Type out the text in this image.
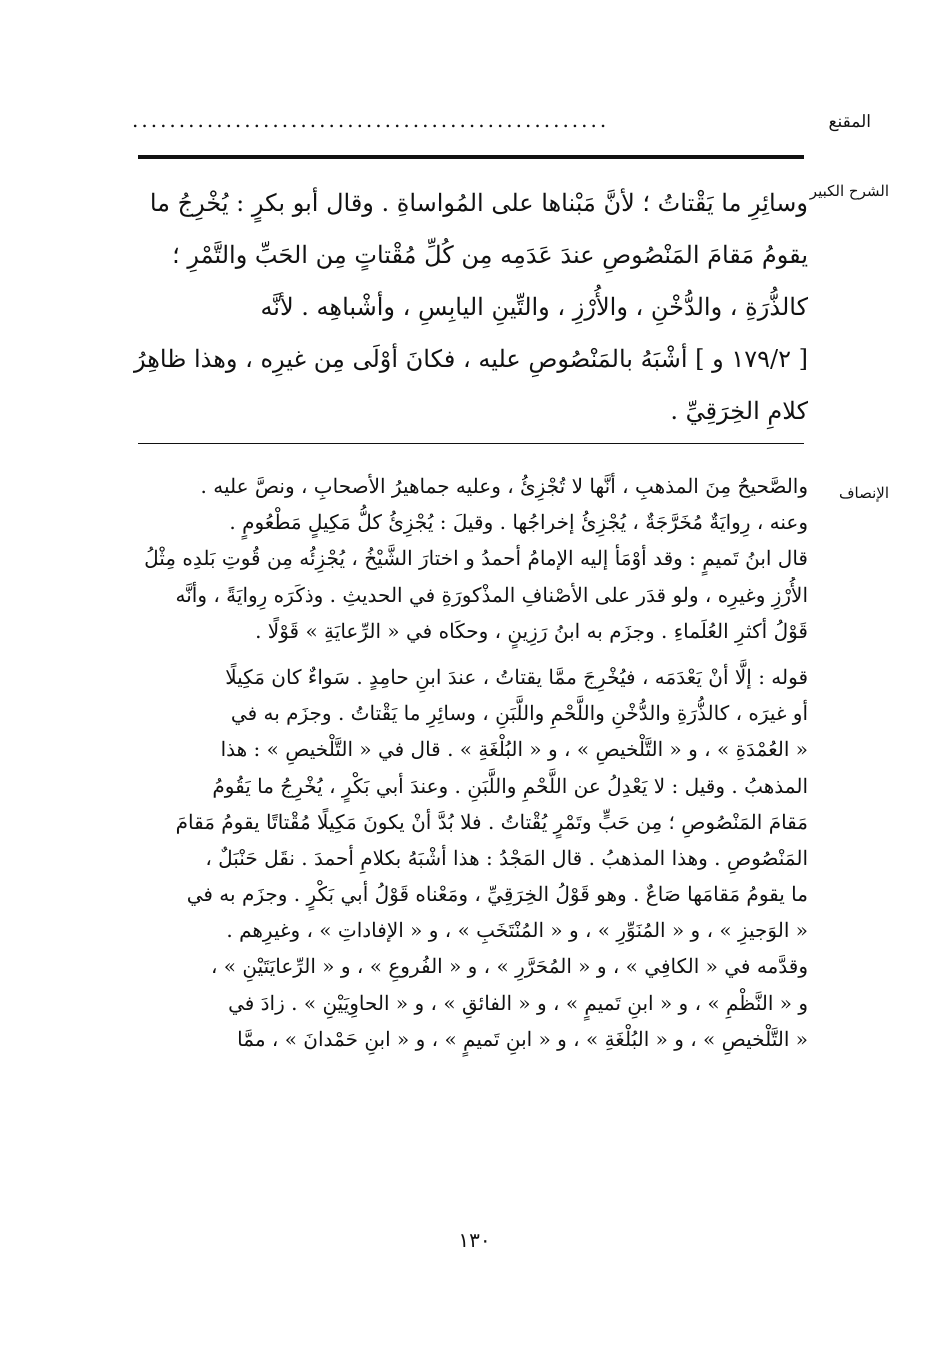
المقنع
...................................................
الشرح الكبير
وسائِرِ ما يَقْتاتُ ؛ لأنَّ مَبْناها على المُواساةِ . وقال أبو بكرٍ : يُخْرِجُ ما
يقومُ مَقامَ المَنْصُوصِ عندَ عَدَمِه مِن كُلِّ مُقْتاتٍ مِن الحَبِّ والتَّمْرِ ؛
كالذُّرَةِ ، والدُّخْنِ ، والأُرْزِ ، والتِّينِ اليابِسِ ، وأشْباهِه . لأنَّه
[ ١٧٩/٢ و ] أشْبَهُ بالمَنْصُوصِ عليه ، فكانَ أوْلَى مِن غيرِه ، وهذا ظاهِرُ
كلامِ الخِرَقِيِّ .
الإنصاف
والصَّحيحُ مِنَ المذهبِ ، أنَّها لا تُجْزِئُ ، وعليه جماهيرُ الأصحابِ ، ونصَّ عليه .
وعنه ، رِوايَةٌ مُخَرَّجَةٌ ، يُجْزِئُ إخراجُها . وقيلَ : يُجْزِئُ كلُّ مَكِيلٍ مَطْعُومٍ .
قال ابنُ تَميمٍ : وقد أوْمَأ إليه الإمامُ أحمدُ و اختارَ الشَّيْخُ ، يُجْزِئُه مِن قُوتِ بَلدِه مِثْلُ
الأُرْزِ وغيرِه ، ولو قدَر على الأصْنافِ المذْكورَةِ في الحديثِ . وذكَرَه رِوايَةً ، وأنَّه
قَوْلُ أكثرِ العُلَماءِ . وجزَم به ابنُ رَزِينٍ ، وحكَاه في « الرِّعايَةِ » قَوْلًا .
قوله : إلَّا أنْ يَعْدَمَه ، فيُخْرِجَ ممَّا يقتاتُ ، عندَ ابنِ حامِدٍ . سَواءٌ كان مَكِيلًا
أو غيرَه ، كالذُّرَةِ والدُّخْنِ واللَّحْمِ واللَّبَنِ ، وسائِرِ ما يَقْتاتُ . وجزَم به في
« العُمْدَةِ » ، و « التَّلْخيصِ » ، و « البُلْغَةِ » . قال في « التَّلْخيصِ » : هذا
المذهبُ . وقيل : لا يَعْدِلُ عن اللَّحْمِ واللَّبَنِ . وعندَ أبي بَكْرٍ ، يُخْرِجُ ما يَقُومُ
مَقامَ المَنْصُوصِ ؛ مِن حَبٍّ وتَمْرٍ يُقْتاتُ . فلا بُدَّ أنْ يكونَ مَكِيلًا مُقْتاتًا يقومُ مَقامَ
المَنْصُوصِ . وهذا المذهبُ . قال المَجْدُ : هذا أشْبَهُ بكلامِ أحمدَ . نقَل حَنْبَلٌ ،
ما يقومُ مَقامَها صَاعٌ . وهو قَوْلُ الخِرَقِيِّ ، ومَعْناه قَوْلُ أبي بَكْرٍ . وجزَم به في
« الوَجيزِ » ، و « المُنَوِّرِ » ، و « المُنْتَخَبِ » ، و « الإفاداتِ » ، وغيرِهم .
وقدَّمه في « الكافِي » ، و « المُحَرَّرِ » ، و « الفُروعِ » ، و « الرِّعايَتَيْنِ » ،
و « النَّظْمِ » ، و « ابنِ تَميمٍ » ، و « الفائقِ » ، و « الحاوِيَيْنِ » . زادَ في
« التَّلْخيصِ » ، و « البُلْغَةِ » ، و « ابنِ تَميمٍ » ، و « ابنِ حَمْدانَ » ، ممَّا
١٣٠
